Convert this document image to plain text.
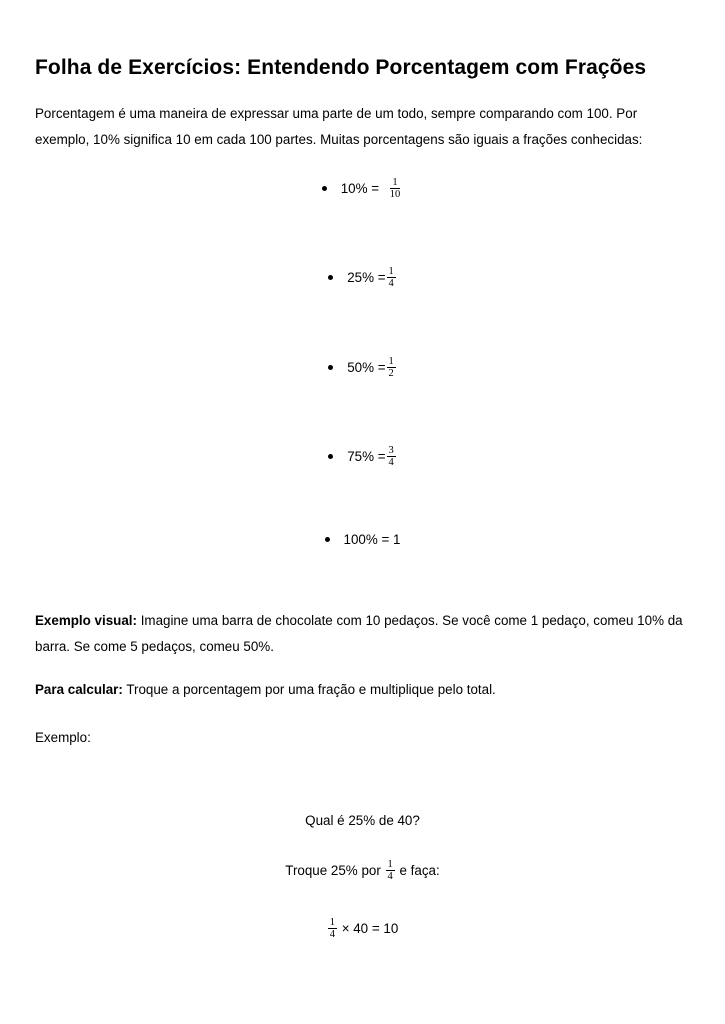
Folha de Exercícios: Entendendo Porcentagem com Frações

Porcentagem é uma maneira de expressar uma parte de um todo, sempre comparando com 100. Por exemplo, 10% significa 10 em cada 100 partes. Muitas porcentagens são iguais a frações conhecidas:

$10\% = \frac{1}{10}$
$25\% = \frac{1}{4}$
$50\% = \frac{1}{2}$
$75\% = \frac{3}{4}$
100% = 1

Exemplo visual: Imagine uma barra de chocolate com 10 pedaços. Se você come 1 pedaço, comeu 10% da barra. Se come 5 pedaços, comeu 50%.

Para calcular: Troque a porcentagem por uma fração e multiplique pelo total.

Exemplo:

Qual é 25% de 40?
Troque 25% por $\frac{1}{4}$ e faça:
$\frac{1}{4} \times 40 = 10$
